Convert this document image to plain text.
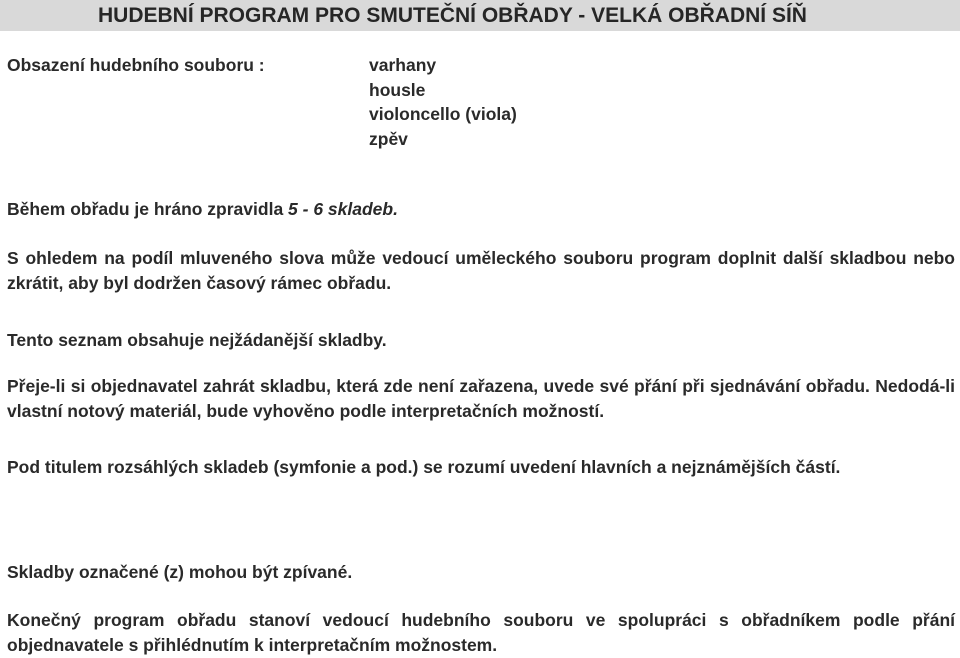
HUDEBNÍ PROGRAM PRO SMUTEČNÍ OBŘADY - VELKÁ OBŘADNÍ SÍŇ
Obsazení hudebního souboru :	varhany
housle
violoncello (viola)
zpěv

Během obřadu je hráno zpravidla 5 - 6 skladeb.

S ohledem na podíl mluveného slova může vedoucí uměleckého souboru program doplnit další skladbou nebo zkrátit, aby byl dodržen časový rámec obřadu.

Tento seznam obsahuje nejžádanější skladby.

Přeje-li si objednavatel zahrát skladbu, která zde není zařazena, uvede své přání při sjednávání obřadu. Nedodá-li vlastní notový materiál, bude vyhověno podle interpretačních možností.

Pod titulem rozsáhlých skladeb (symfonie a pod.) se rozumí uvedení hlavních a nejznámějších částí.

Skladby označené (z) mohou být zpívané.

Konečný program obřadu stanoví vedoucí hudebního souboru ve spolupráci s obřadníkem podle přání objednavatele s přihlédnutím k interpretačním možnostem.
